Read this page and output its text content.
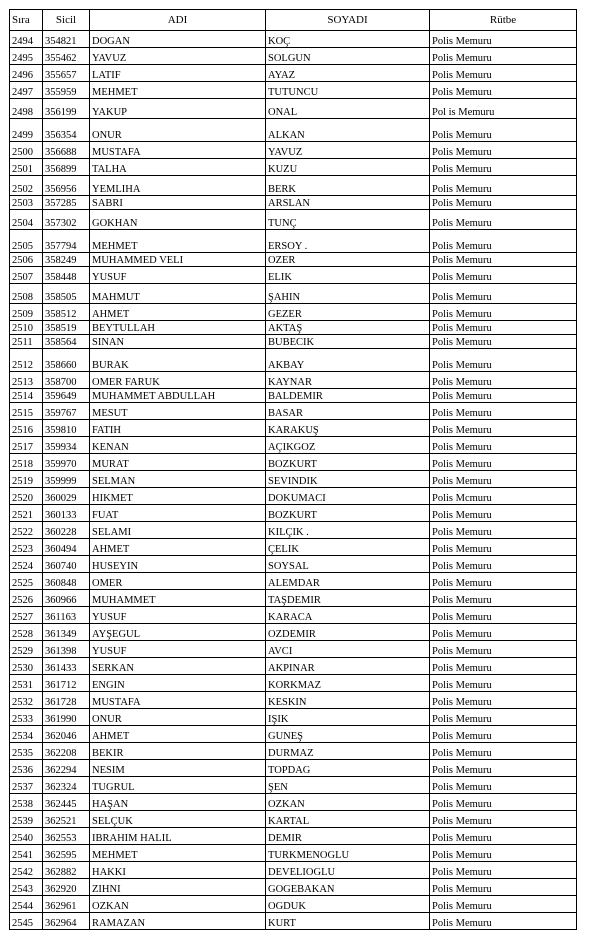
Sıra	Sicil	ADI	SOYADI	Rütbe
2494	354821	DOGAN	KOÇ	Polis Memuru
2495	355462	YAVUZ	SOLGUN	Polis Memuru
2496	355657	LATIF	AYAZ	Polis Memuru
2497	355959	MEHMET	TUTUNCU	Polis Memuru
2498	356199	YAKUP	ONAL	Pol is Memuru
2499	356354	ONUR	ALKAN	Polis Memuru
2500	356688	MUSTAFA	YAVUZ	Polis Memuru
2501	356899	TALHA	KUZU	Polis Memuru
2502	356956	YEMLIHA	BERK	Polis Memuru
2503	357285	SABRI	ARSLAN	Polis Memuru
2504	357302	GOKHAN	TUNÇ	Polis Memuru
2505	357794	MEHMET	ERSOY .	Polis Memuru
2506	358249	MUHAMMED VELI	OZER	Polis Memuru
2507	358448	YUSUF	ELIK	Polis Memuru
2508	358505	MAHMUT	ŞAHIN	Polis Memuru
2509	358512	AHMET	GEZER	Polis Memuru
2510	358519	BEYTULLAH	AKTAŞ	Polis Memuru
2511	358564	SINAN	BUBECIK	Polis Memuru
2512	358660	BURAK	AKBAY	Polis Memuru
2513	358700	OMER FARUK	KAYNAR	Polis Memuru
2514	359649	MUHAMMET ABDULLAH	BALDEMIR	Polis Memuru
2515	359767	MESUT	BASAR	Polis Memuru
2516	359810	FATIH	KARAKUŞ	Polis Memuru
2517	359934	KENAN	AÇIKGOZ	Polis Memuru
2518	359970	MURAT	BOZKURT	Polis Memuru
2519	359999	SELMAN	SEVINDIK	Polis Memuru
2520	360029	HIKMET	DOKUMACI	Polis Mcmuru
2521	360133	FUAT	BOZKURT	Polis Memuru
2522	360228	SELAMI	KILÇIK .	Polis Memuru
2523	360494	AHMET	ÇELIK	Polis Memuru
2524	360740	HUSEYIN	SOYSAL	Polis Memuru
2525	360848	OMER	ALEMDAR	Polis Memuru
2526	360966	MUHAMMET	TAŞDEMIR	Polis Memuru
2527	361163	YUSUF	KARACA	Polis Memuru
2528	361349	AYŞEGUL	OZDEMIR	Polis Memuru
2529	361398	YUSUF	AVCI	Polis Memuru
2530	361433	SERKAN	AKPINAR	Polis Memuru
2531	361712	ENGIN	KORKMAZ	Polis Memuru
2532	361728	MUSTAFA	KESKIN	Polis Memuru
2533	361990	ONUR	IŞIK	Polis Memuru
2534	362046	AHMET	GUNEŞ	Polis Memuru
2535	362208	BEKIR	DURMAZ	Polis Memuru
2536	362294	NESIM	TOPDAG	Polis Memuru
2537	362324	TUGRUL	ŞEN	Polis Memuru
2538	362445	HAŞAN	OZKAN	Polis Memuru
2539	362521	SELÇUK	KARTAL	Polis Memuru
2540	362553	IBRAHIM HALIL	DEMIR	Polis Memuru
2541	362595	MEHMET	TURKMENOGLU	Polis Memuru
2542	362882	HAKKI	DEVELIOGLU	Polis Memuru
2543	362920	ZIHNI	GOGEBAKAN	Polis Memuru
2544	362961	OZKAN	OGDUK	Polis Memuru
2545	362964	RAMAZAN	KURT	Polis Memuru
